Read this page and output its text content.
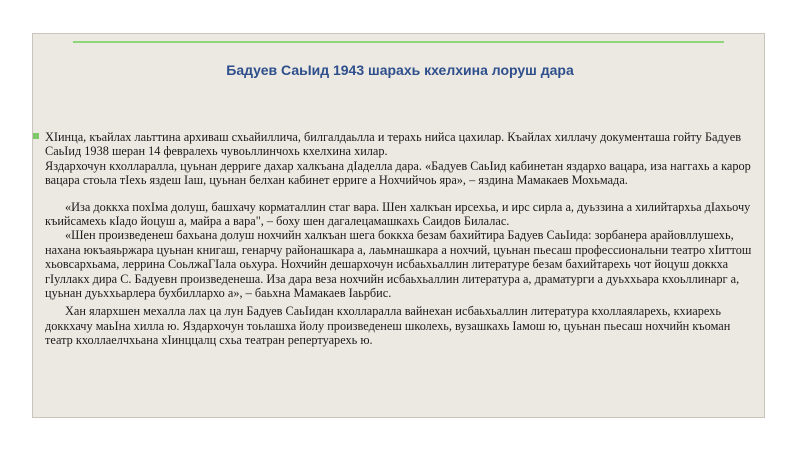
Бадуев СаьӀид 1943 шарахь кхелхина лоруш дара
ХӀинца, къайлах лаьттина архиваш схьайиллича, билгалдаьлла и терахь нийса цахилар. Къайлах хиллачу документаша гойту Бадуев СаьӀид 1938 шеран 14 февралехь чувоьллинчохь кхелхина хилар.
Яздархочун кхолларалла, цуьнан дерриге дахар халкъана дӀаделла дара. «Бадуев СаьӀид кабинетан яздархо вацара, иза наггахь а карор вацара стоьла тӀехь яздеш Ӏаш, цуьнан белхан кабинет ерриге а Нохчийчоь яра», – яздина Мамакаев Мохьмада.
«Иза доккха похӀма долуш, башхачу корматаллин стаг вара. Шен халкъан ирсехьа, и ирс сирла а, дуьззина а хилийтархьа дӀахьочу къийсамехь кӀадо йоцуш а, майра а вара", – боху шен дагалецамашкахь Саидов Билалас.
«Шен произведенеш бахьана долуш нохчийн халкъан шега боккха безам бахийтира Бадуев СаьӀида: зорбанера арайовллушехь, нахана юкъаяьржара цуьнан книгаш, генарчу районашкара а, лаьмнашкара а нохчий, цуьнан пьесаш профессиональни театро хӀиттош хьовсархьама, леррина СоьлжаГӀала оьхура. Нохчийн дешархочун исбаьхьаллин литературе безам бахийтарехь чот йоцуш доккха гӀуллакх дира С. Бадуевн произведенеша. Иза дара веза нохчийн исбаьхьаллин литература а, драматурги а дуьххьара кхоьллинарг а, цуьнан дуьххьарлера бухбиллархо а», – баьхна Мамакаев Ӏаьрбис.
Хан ялархшен мехалла лах ца лун Бадуев СаьӀидан кхолларалла вайнехан исбаьхьаллин литература кхоллаяларехь, кхиарехь доккхачу маьӀна хилла ю. Яздархочун тоьлашха йолу произведенеш школехь, вузашкахь Ӏамош ю, цуьнан пьесаш нохчийн къоман театр кхоллаелчхьана хӀинццалц схьа театран репертуарехь ю.
